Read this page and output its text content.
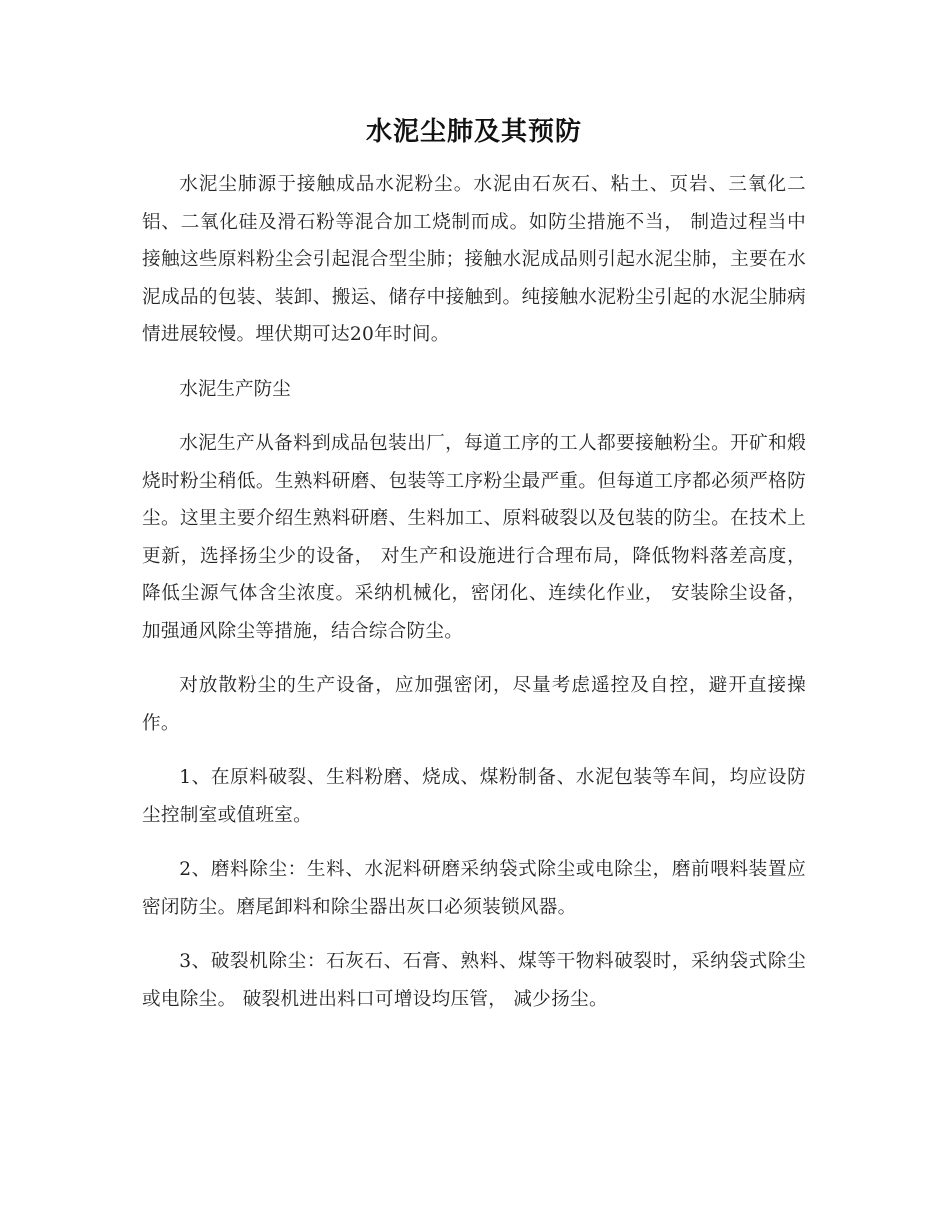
水泥尘肺及其预防

水泥尘肺源于接触成品水泥粉尘。水泥由石灰石、粘土、页岩、三氧化二铝、二氧化硅及滑石粉等混合加工烧制而成。如防尘措施不当， 制造过程当中接触这些原料粉尘会引起混合型尘肺；接触水泥成品则引起水泥尘肺，主要在水泥成品的包装、装卸、搬运、储存中接触到。纯接触水泥粉尘引起的水泥尘肺病情进展较慢。埋伏期可达20年时间。

水泥生产防尘

水泥生产从备料到成品包装出厂，每道工序的工人都要接触粉尘。开矿和煅烧时粉尘稍低。生熟料研磨、包装等工序粉尘最严重。但每道工序都必须严格防尘。这里主要介绍生熟料研磨、生料加工、原料破裂以及包装的防尘。在技术上更新，选择扬尘少的设备， 对生产和设施进行合理布局，降低物料落差高度，降低尘源气体含尘浓度。采纳机械化，密闭化、连续化作业， 安装除尘设备， 加强通风除尘等措施，结合综合防尘。

对放散粉尘的生产设备，应加强密闭，尽量考虑遥控及自控，避开直接操作。

1、在原料破裂、生料粉磨、烧成、煤粉制备、水泥包装等车间，均应设防尘控制室或值班室。

2、磨料除尘：生料、水泥料研磨采纳袋式除尘或电除尘，磨前喂料装置应密闭防尘。磨尾卸料和除尘器出灰口必须装锁风器。

3、破裂机除尘：石灰石、石膏、熟料、煤等干物料破裂时，采纳袋式除尘或电除尘。 破裂机进出料口可增设均压管， 减少扬尘。
